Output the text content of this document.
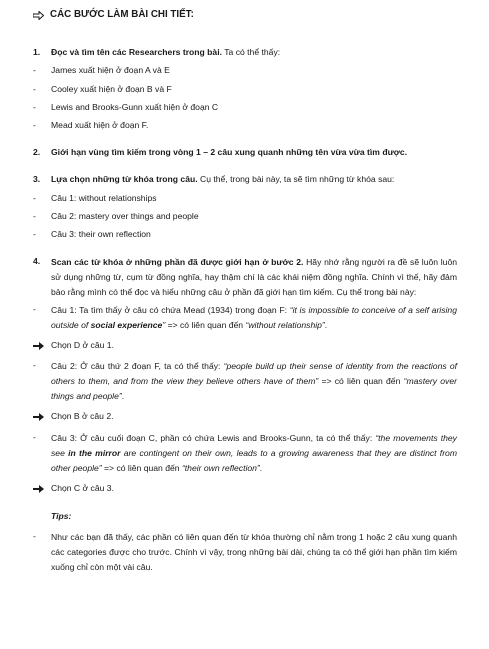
CÁC BƯỚC LÀM BÀI CHI TIẾT:
1.	Đọc và tìm tên các Researchers trong bài. Ta có thể thấy:
-	James xuất hiện ở đoạn A và E
-	Cooley xuất hiện ở đoạn B và F
-	Lewis and Brooks-Gunn xuất hiện ở đoạn C
-	Mead xuất hiện ở đoạn F.
2.	Giới hạn vùng tìm kiếm trong vòng 1 – 2 câu xung quanh những tên vừa vừa tìm được.
3.	Lựa chọn những từ khóa trong câu. Cụ thể, trong bài này, ta sẽ tìm những từ khóa sau:
-	Câu 1: without relationships
-	Câu 2: mastery over things and people
-	Câu 3: their own reflection
4.	Scan các từ khóa ở những phần đã được giới hạn ở bước 2. Hãy nhớ rằng người ra đề sẽ luôn luôn sử dụng những từ, cụm từ đồng nghĩa, hay thậm chí là các khái niệm đồng nghĩa. Chính vì thế, hãy đảm bảo rằng mình có thể đọc và hiểu những câu ở phần đã giới hạn tìm kiếm. Cụ thể trong bài này:
-	Câu 1: Ta tìm thấy ở câu có chứa Mead (1934) trong đoạn F: “it is impossible to conceive of a self arising outside of social experience” => có liên quan đến “without relationship”.
Chọn D ở câu 1.
-	Câu 2: Ở câu thứ 2 đoạn F, ta có thể thấy: “people build up their sense of identity from the reactions of others to them, and from the view they believe others have of them” => có liên quan đến “mastery over things and people”.
Chọn B ở câu 2.
-	Câu 3: Ở câu cuối đoạn C, phần có chứa Lewis and Brooks-Gunn, ta có thể thấy: “the movements they see in the mirror are contingent on their own, leads to a growing awareness that they are distinct from other people” => có liên quan đến “their own reflection”.
Chọn C ở câu 3.
Tips:
-	Như các bạn đã thấy, các phần có liên quan đến từ khóa thường chỉ nằm trong 1 hoặc 2 câu xung quanh các categories được cho trước. Chính vì vậy, trong những bài dài, chúng ta có thể giới hạn phần tìm kiếm xuống chỉ còn một vài câu.
